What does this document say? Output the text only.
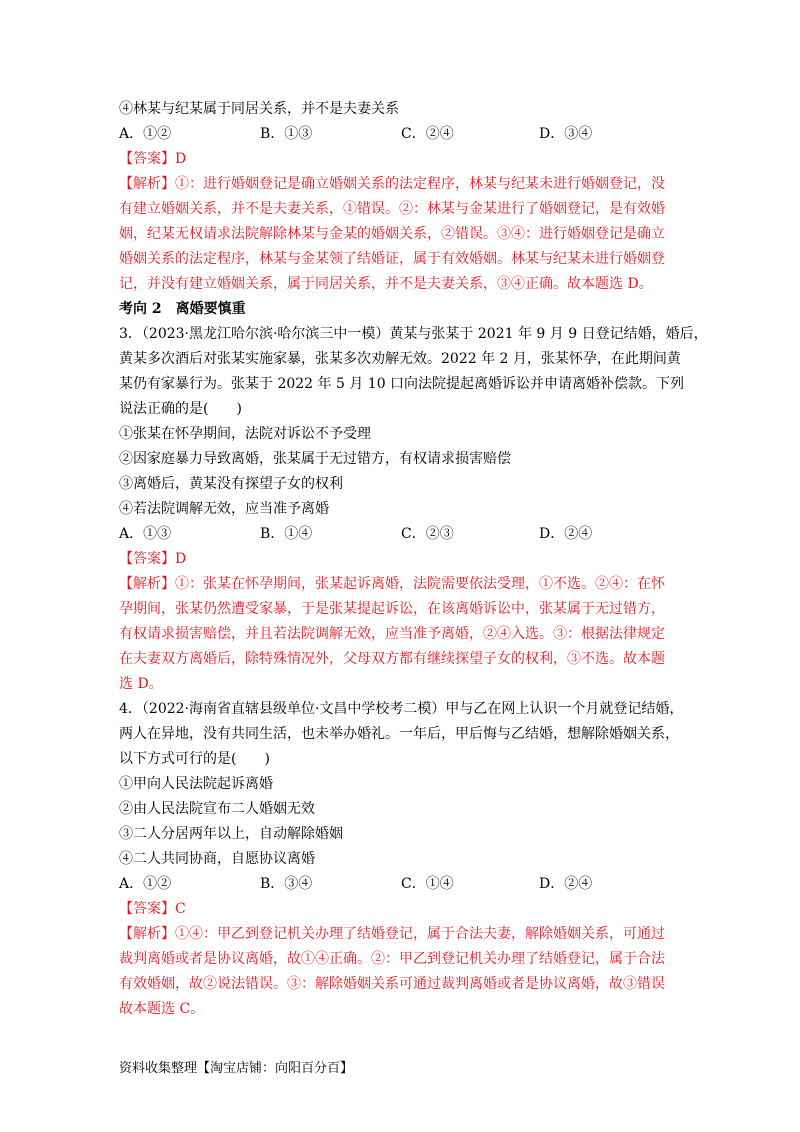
④林某与纪某属于同居关系，并不是夫妻关系
A．①②	B．①③	C．②④	D．③④
【答案】D
【解析】①：进行婚姻登记是确立婚姻关系的法定程序，林某与纪某未进行婚姻登记，没
有建立婚姻关系，并不是夫妻关系，①错误。②：林某与金某进行了婚姻登记，是有效婚
姻，纪某无权请求法院解除林某与金某的婚姻关系，②错误。③④：进行婚姻登记是确立
婚姻关系的法定程序，林某与金某领了结婚证，属于有效婚姻。林某与纪某未进行婚姻登
记，并没有建立婚姻关系，属于同居关系，并不是夫妻关系，③④正确。故本题选 D。
考向 2　离婚要慎重
3．（2023·黑龙江哈尔滨·哈尔滨三中一模）黄某与张某于 2021 年 9 月 9 日登记结婚，婚后，
黄某多次酒后对张某实施家暴，张某多次劝解无效。2022 年 2 月，张某怀孕，在此期间黄
某仍有家暴行为。张某于 2022 年 5 月 10 口向法院提起离婚诉讼并申请离婚补偿款。下列
说法正确的是(　　)
①张某在怀孕期间，法院对诉讼不予受理
②因家庭暴力导致离婚，张某属于无过错方，有权请求损害赔偿
③离婚后，黄某没有探望子女的权利
④若法院调解无效，应当准予离婚
A．①③	B．①④	C．②③	D．②④
【答案】D
【解析】①：张某在怀孕期间，张某起诉离婚，法院需要依法受理，①不选。②④：在怀
孕期间，张某仍然遭受家暴，于是张某提起诉讼，在该离婚诉讼中，张某属于无过错方，
有权请求损害赔偿，并且若法院调解无效，应当准予离婚，②④入选。③：根据法律规定
在夫妻双方离婚后，除特殊情况外，父母双方都有继续探望子女的权利，③不选。故本题
选 D。
4．（2022·海南省直辖县级单位·文昌中学校考二模）甲与乙在网上认识一个月就登记结婚，
两人在异地，没有共同生活，也未举办婚礼。一年后，甲后悔与乙结婚，想解除婚姻关系，
以下方式可行的是(　　)
①甲向人民法院起诉离婚
②由人民法院宣布二人婚姻无效
③二人分居两年以上，自动解除婚姻
④二人共同协商，自愿协议离婚
A．①②	B．③④	C．①④	D．②④
【答案】C
【解析】①④：甲乙到登记机关办理了结婚登记，属于合法夫妻，解除婚姻关系，可通过
裁判离婚或者是协议离婚，故①④正确。②：甲乙到登记机关办理了结婚登记，属于合法
有效婚姻，故②说法错误。③：解除婚姻关系可通过裁判离婚或者是协议离婚，故③错误
故本题选 C。
资料收集整理【淘宝店铺：向阳百分百】
